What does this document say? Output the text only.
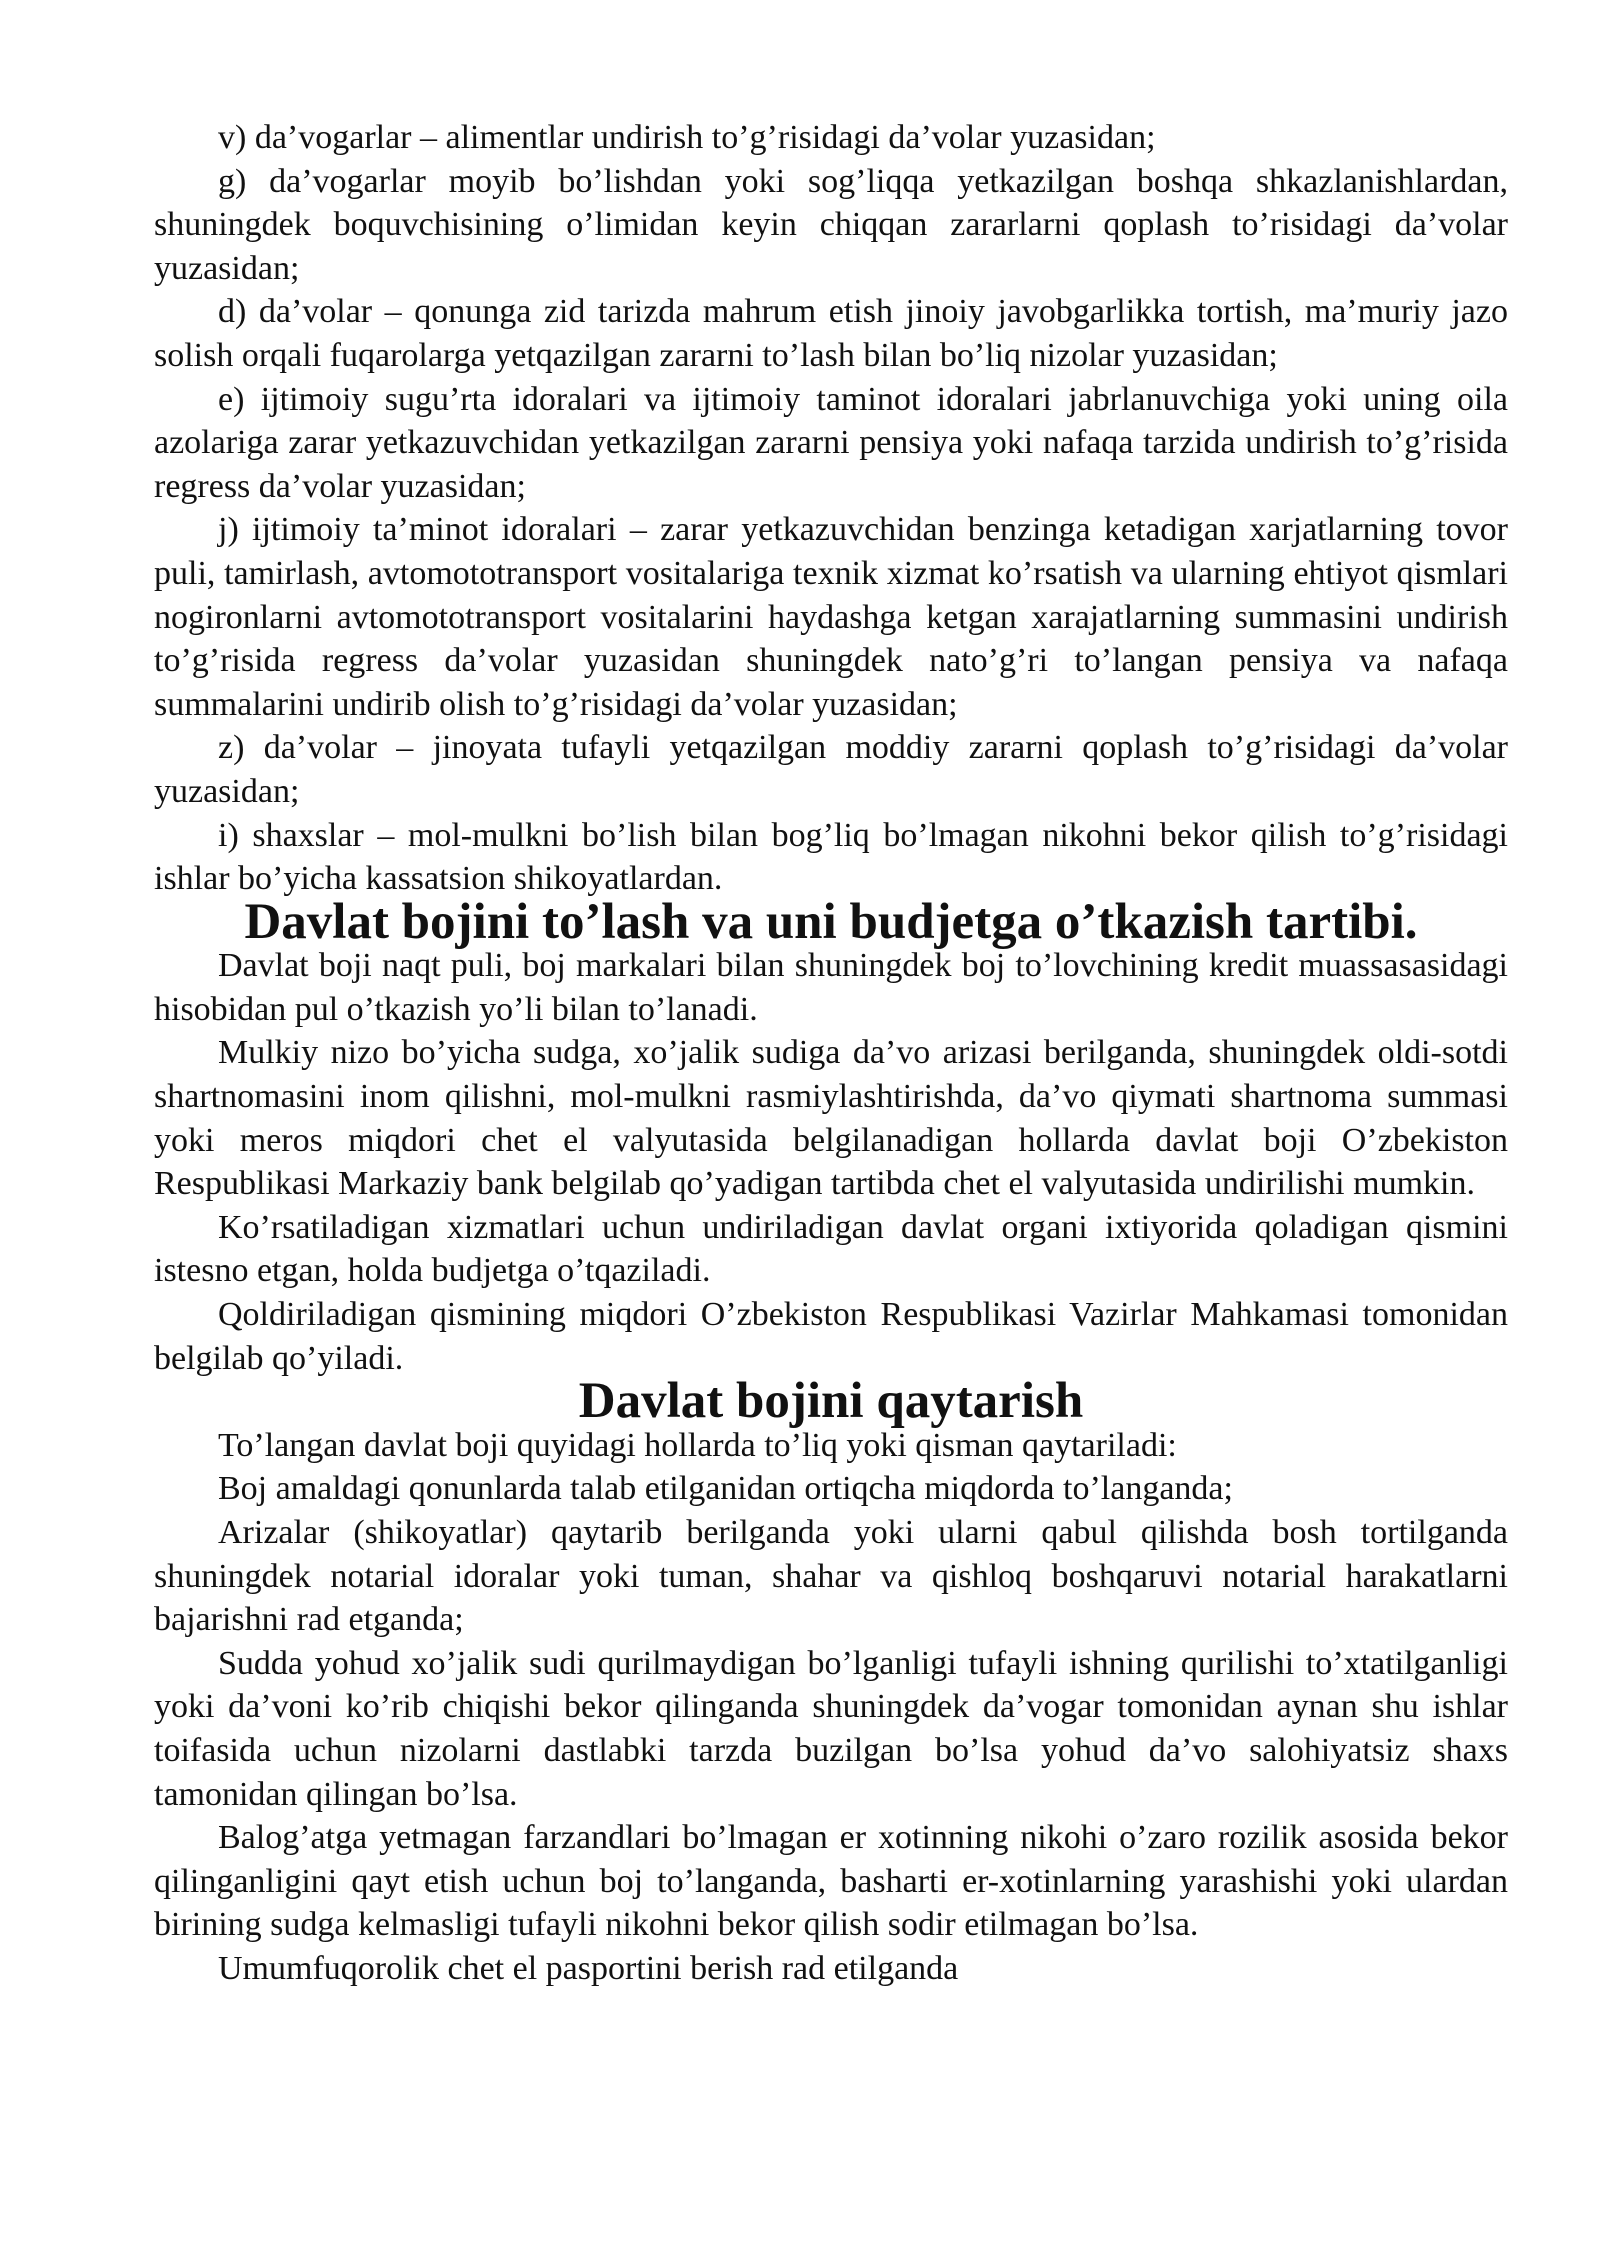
v) da’vogarlar – alimentlar undirish to’g’risidagi da’volar yuzasidan;

g) da’vogarlar moyib bo’lishdan yoki sog’liqqa yetkazilgan boshqa shkazlanishlardan, shuningdek boquvchisining o’limidan keyin chiqqan zararlarni qoplash to’risidagi da’volar yuzasidan;

d) da’volar – qonunga zid tarizda mahrum etish jinoiy javobgarlikka tortish, ma’muriy jazo solish orqali fuqarolarga yetqazilgan zararni to’lash bilan bo’liq nizolar yuzasidan;

e) ijtimoiy sugu’rta idoralari va ijtimoiy taminot idoralari jabrlanuvchiga yoki uning oila azolariga zarar yetkazuvchidan yetkazilgan zararni pensiya yoki nafaqa tarzida undirish to’g’risida regress da’volar yuzasidan;

j) ijtimoiy ta’minot idoralari – zarar yetkazuvchidan benzinga ketadigan xarjatlarning tovor puli, tamirlash, avtomototransport vositalariga texnik xizmat ko’rsatish va ularning ehtiyot qismlari nogironlarni avtomototransport vositalarini haydashga ketgan xarajatlarning summasini undirish to’g’risida regress da’volar yuzasidan shuningdek nato’g’ri to’langan pensiya va nafaqa summalarini undirib olish to’g’risidagi da’volar yuzasidan;

z) da’volar – jinoyata tufayli yetqazilgan moddiy zararni qoplash to’g’risidagi da’volar yuzasidan;

i) shaxslar – mol-mulkni bo’lish bilan bog’liq bo’lmagan nikohni bekor qilish to’g’risidagi ishlar bo’yicha kassatsion shikoyatlardan.

Davlat bojini to’lash va uni budjetga o’tkazish tartibi.

Davlat boji naqt puli, boj markalari bilan shuningdek boj to’lovchining kredit muassasasidagi hisobidan pul o’tkazish yo’li bilan to’lanadi.

Mulkiy nizo bo’yicha sudga, xo’jalik sudiga da’vo arizasi berilganda, shuningdek oldi-sotdi shartnomasini inom qilishni, mol-mulkni rasmiylashtirishda, da’vo qiymati shartnoma summasi yoki meros miqdori chet el valyutasida belgilanadigan hollarda davlat boji O’zbekiston Respublikasi Markaziy bank belgilab qo’yadigan tartibda chet el valyutasida undirilishi mumkin.

Ko’rsatiladigan xizmatlari uchun undiriladigan davlat organi ixtiyorida qoladigan qismini istesno etgan, holda budjetga o’tqaziladi.

Qoldiriladigan qismining miqdori O’zbekiston Respublikasi Vazirlar Mahkamasi tomonidan belgilab qo’yiladi.

Davlat bojini qaytarish

To’langan davlat boji quyidagi hollarda to’liq yoki qisman qaytariladi:

Boj amaldagi qonunlarda talab etilganidan ortiqcha miqdorda to’langanda;

Arizalar (shikoyatlar) qaytarib berilganda yoki ularni qabul qilishda bosh tortilganda shuningdek notarial idoralar yoki tuman, shahar va qishloq boshqaruvi notarial harakatlarni bajarishni rad etganda;

Sudda yohud xo’jalik sudi qurilmaydigan bo’lganligi tufayli ishning qurilishi to’xtatilganligi yoki da’voni ko’rib chiqishi bekor qilinganda shuningdek da’vogar tomonidan aynan shu ishlar toifasida uchun nizolarni dastlabki tarzda buzilgan bo’lsa yohud da’vo salohiyatsiz shaxs tamonidan qilingan bo’lsa.

Balog’atga yetmagan farzandlari bo’lmagan er xotinning nikohi o’zaro rozilik asosida bekor qilinganligini qayt etish uchun boj to’langanda, basharti er-xotinlarning yarashishi yoki ulardan birining sudga kelmasligi tufayli nikohni bekor qilish sodir etilmagan bo’lsa.

Umumfuqorolik chet el pasportini berish rad etilganda
